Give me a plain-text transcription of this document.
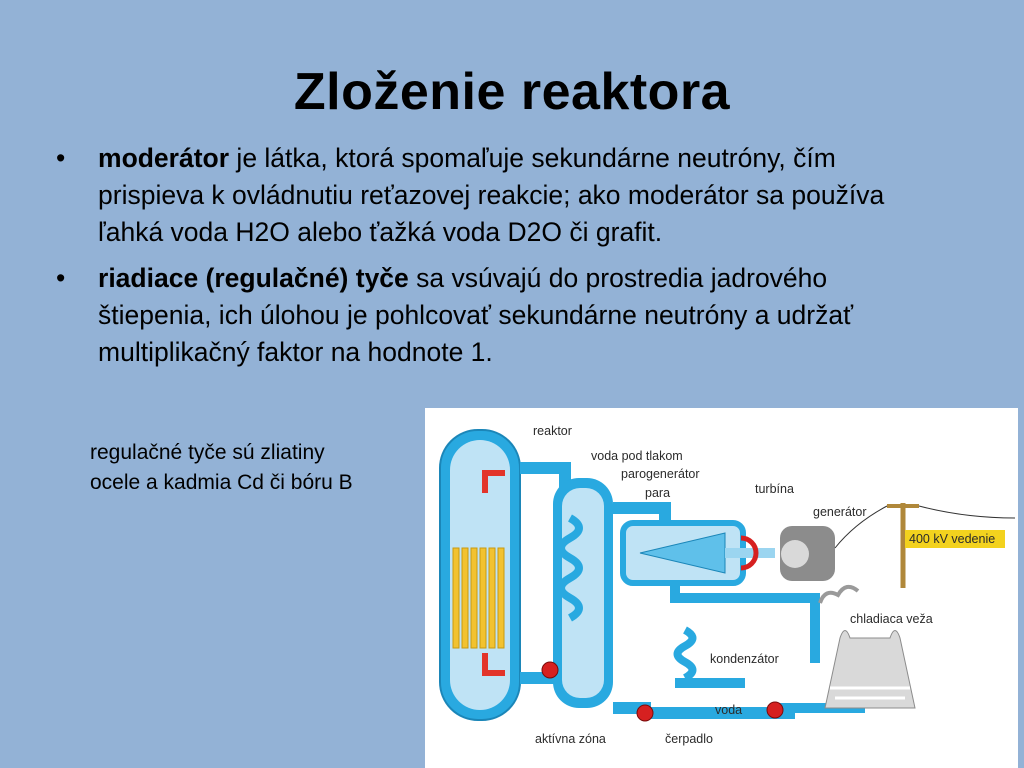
Zloženie reaktora
• moderátor je látka, ktorá spomaľuje sekundárne neutróny, čím prispieva k ovládnutiu reťazovej reakcie; ako moderátor sa používa ľahká voda H2O alebo ťažká voda D2O či grafit.
• riadiace (regulačné) tyče sa vsúvajú do prostredia jadrového štiepenia, ich úlohou je pohlcovať sekundárne neutróny a udržať multiplikačný faktor na hodnote 1.
regulačné tyče sú zliatiny
ocele a kadmia Cd či bóru B
reaktor
voda pod tlakom
parogenerátor
para	turbína
generátor
400 kV vedenie
chladiaca veža
kondenzátor
voda
aktívna zóna	čerpadlo
